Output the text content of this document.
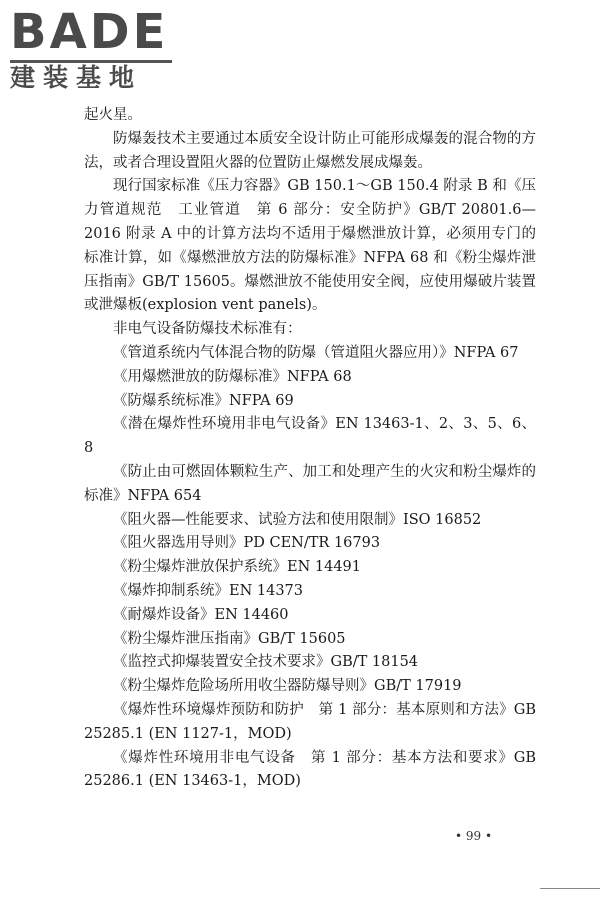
BADE
建装基地

起火星。

防爆轰技术主要通过本质安全设计防止可能形成爆轰的混合物的方法，或者合理设置阻火器的位置防止爆燃发展成爆轰。

现行国家标准《压力容器》GB 150.1～GB 150.4 附录 B 和《压力管道规范　工业管道　第 6 部分：安全防护》GB/T 20801.6—2016 附录 A 中的计算方法均不适用于爆燃泄放计算，必须用专门的标准计算，如《爆燃泄放方法的防爆标准》NFPA 68 和《粉尘爆炸泄压指南》GB/T 15605。爆燃泄放不能使用安全阀，应使用爆破片装置或泄爆板(explosion vent panels)。

非电气设备防爆技术标准有：

《管道系统内气体混合物的防爆（管道阻火器应用）》NFPA 67

《用爆燃泄放的防爆标准》NFPA 68

《防爆系统标准》NFPA 69

《潜在爆炸性环境用非电气设备》EN 13463-1、2、3、5、6、8

《防止由可燃固体颗粒生产、加工和处理产生的火灾和粉尘爆炸的标准》NFPA 654

《阻火器—性能要求、试验方法和使用限制》ISO 16852

《阻火器选用导则》PD CEN/TR 16793

《粉尘爆炸泄放保护系统》EN 14491

《爆炸抑制系统》EN 14373

《耐爆炸设备》EN 14460

《粉尘爆炸泄压指南》GB/T 15605

《监控式抑爆装置安全技术要求》GB/T 18154

《粉尘爆炸危险场所用收尘器防爆导则》GB/T 17919

《爆炸性环境爆炸预防和防护　第 1 部分：基本原则和方法》GB 25285.1 (EN 1127-1，MOD)

《爆炸性环境用非电气设备　第 1 部分：基本方法和要求》GB 25286.1 (EN 13463-1，MOD)

• 99 •
